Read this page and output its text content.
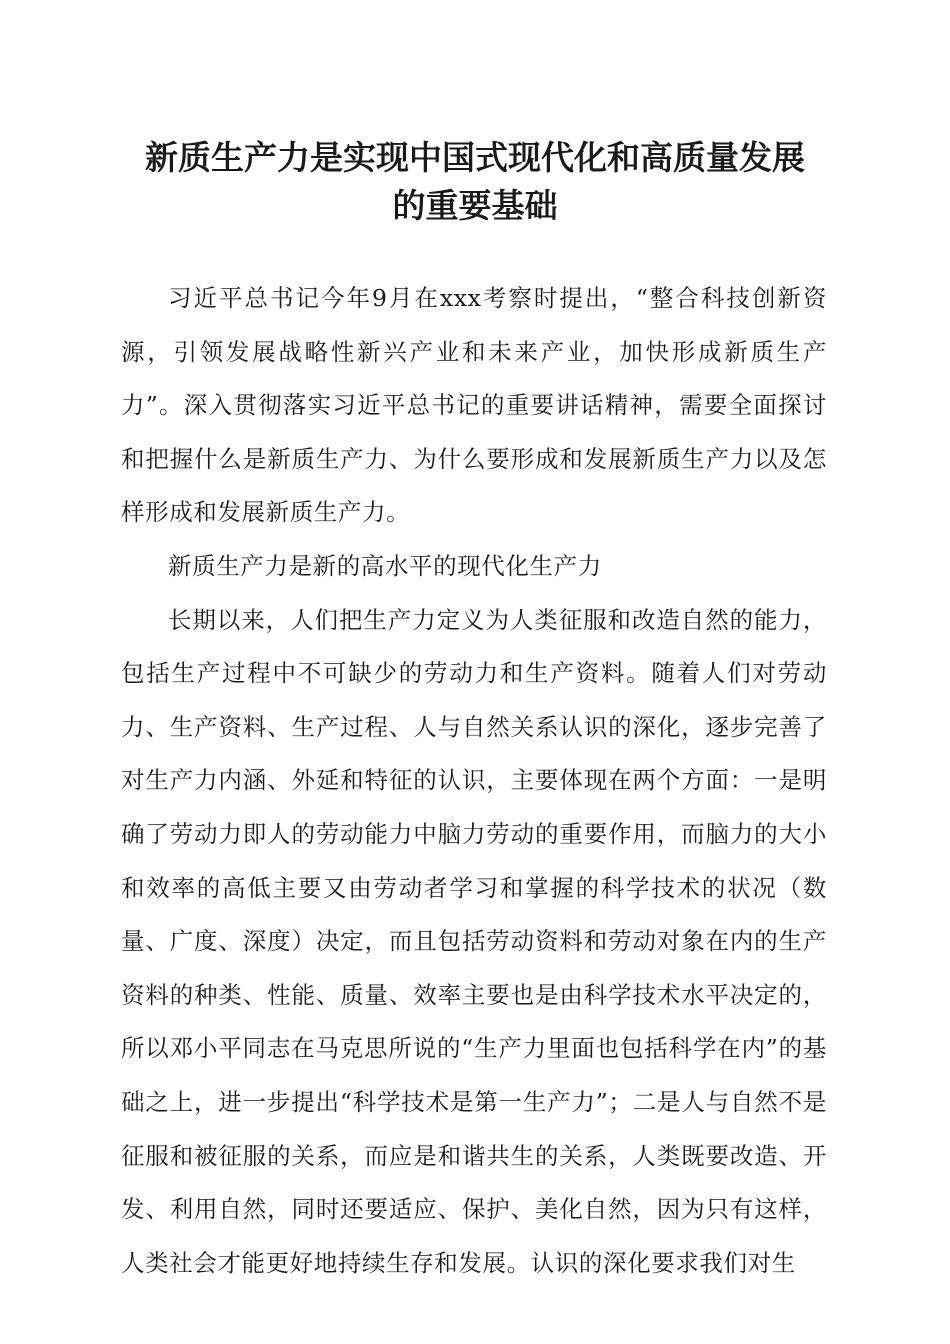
新质生产力是实现中国式现代化和高质量发展
的重要基础

习近平总书记今年9月在xxx考察时提出，“整合科技创新资源，引领发展战略性新兴产业和未来产业，加快形成新质生产力”。深入贯彻落实习近平总书记的重要讲话精神，需要全面探讨和把握什么是新质生产力、为什么要形成和发展新质生产力以及怎样形成和发展新质生产力。

新质生产力是新的高水平的现代化生产力

长期以来，人们把生产力定义为人类征服和改造自然的能力，包括生产过程中不可缺少的劳动力和生产资料。随着人们对劳动力、生产资料、生产过程、人与自然关系认识的深化，逐步完善了对生产力内涵、外延和特征的认识，主要体现在两个方面：一是明确了劳动力即人的劳动能力中脑力劳动的重要作用，而脑力的大小和效率的高低主要又由劳动者学习和掌握的科学技术的状况（数量、广度、深度）决定，而且包括劳动资料和劳动对象在内的生产资料的种类、性能、质量、效率主要也是由科学技术水平决定的，所以邓小平同志在马克思所说的“生产力里面也包括科学在内”的基础之上，进一步提出“科学技术是第一生产力”；二是人与自然不是征服和被征服的关系，而应是和谐共生的关系，人类既要改造、开发、利用自然，同时还要适应、保护、美化自然，因为只有这样，人类社会才能更好地持续生存和发展。认识的深化要求我们对生
